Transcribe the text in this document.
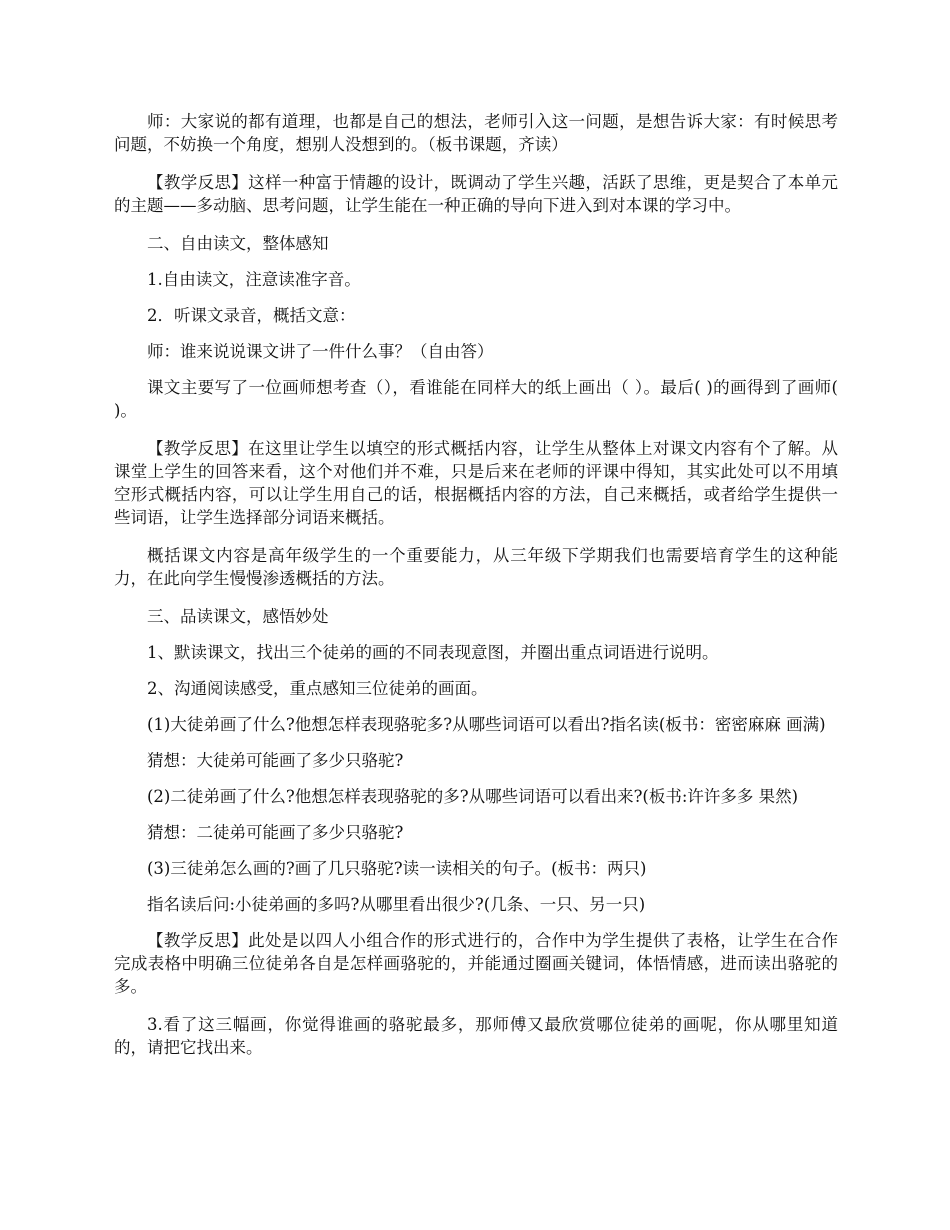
师：大家说的都有道理，也都是自己的想法，老师引入这一问题，是想告诉大家：有时候思考问题，不妨换一个角度，想别人没想到的。（板书课题，齐读）

【教学反思】这样一种富于情趣的设计，既调动了学生兴趣，活跃了思维，更是契合了本单元的主题——多动脑、思考问题，让学生能在一种正确的导向下进入到对本课的学习中。

二、自由读文，整体感知

1.自由读文，注意读准字音。

2．听课文录音，概括文意：

师：谁来说说课文讲了一件什么事？（自由答）

课文主要写了一位画师想考查（），看谁能在同样大的纸上画出（ ）。最后( )的画得到了画师( )。

【教学反思】在这里让学生以填空的形式概括内容，让学生从整体上对课文内容有个了解。从课堂上学生的回答来看，这个对他们并不难，只是后来在老师的评课中得知，其实此处可以不用填空形式概括内容，可以让学生用自己的话，根据概括内容的方法，自己来概括，或者给学生提供一些词语，让学生选择部分词语来概括。

概括课文内容是高年级学生的一个重要能力，从三年级下学期我们也需要培育学生的这种能力，在此向学生慢慢渗透概括的方法。

三、品读课文，感悟妙处

1、默读课文，找出三个徒弟的画的不同表现意图，并圈出重点词语进行说明。

2、沟通阅读感受，重点感知三位徒弟的画面。

(1)大徒弟画了什么?他想怎样表现骆驼多?从哪些词语可以看出?指名读(板书：密密麻麻 画满)

猜想：大徒弟可能画了多少只骆驼?

(2)二徒弟画了什么?他想怎样表现骆驼的多?从哪些词语可以看出来?(板书:许许多多 果然)

猜想：二徒弟可能画了多少只骆驼?

(3)三徒弟怎么画的?画了几只骆驼?读一读相关的句子。(板书：两只)

指名读后问:小徒弟画的多吗?从哪里看出很少?(几条、一只、另一只)

【教学反思】此处是以四人小组合作的形式进行的，合作中为学生提供了表格，让学生在合作完成表格中明确三位徒弟各自是怎样画骆驼的，并能通过圈画关键词，体悟情感，进而读出骆驼的多。

3.看了这三幅画，你觉得谁画的骆驼最多，那师傅又最欣赏哪位徒弟的画呢，你从哪里知道的，请把它找出来。
